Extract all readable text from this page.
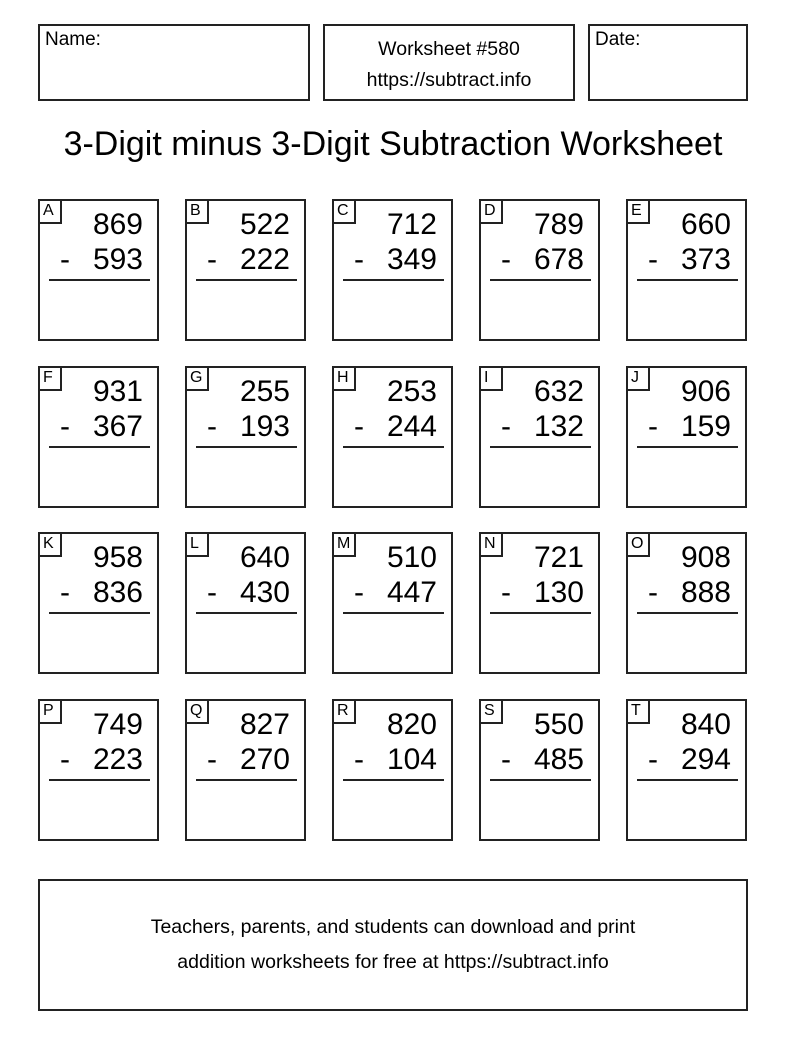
Name:	Worksheet #580
https://subtract.info
Date:
3-Digit minus 3-Digit Subtraction Worksheet
A 869
- 593
B 522
- 222
C 712
- 349
D 789
- 678
E 660
- 373
F	931
- 367
G 255
- 193
H 253
- 244
I	632
- 132
J	906
- 159
K 958
- 836
L	640
- 430
M 510
- 447
N 721
- 130
O 908
- 888
P 749
- 223
Q 827
- 270
R 820
- 104
S 550
- 485
T	840
- 294
Teachers, parents, and students can download and print
addition worksheets for free at https://subtract.info
